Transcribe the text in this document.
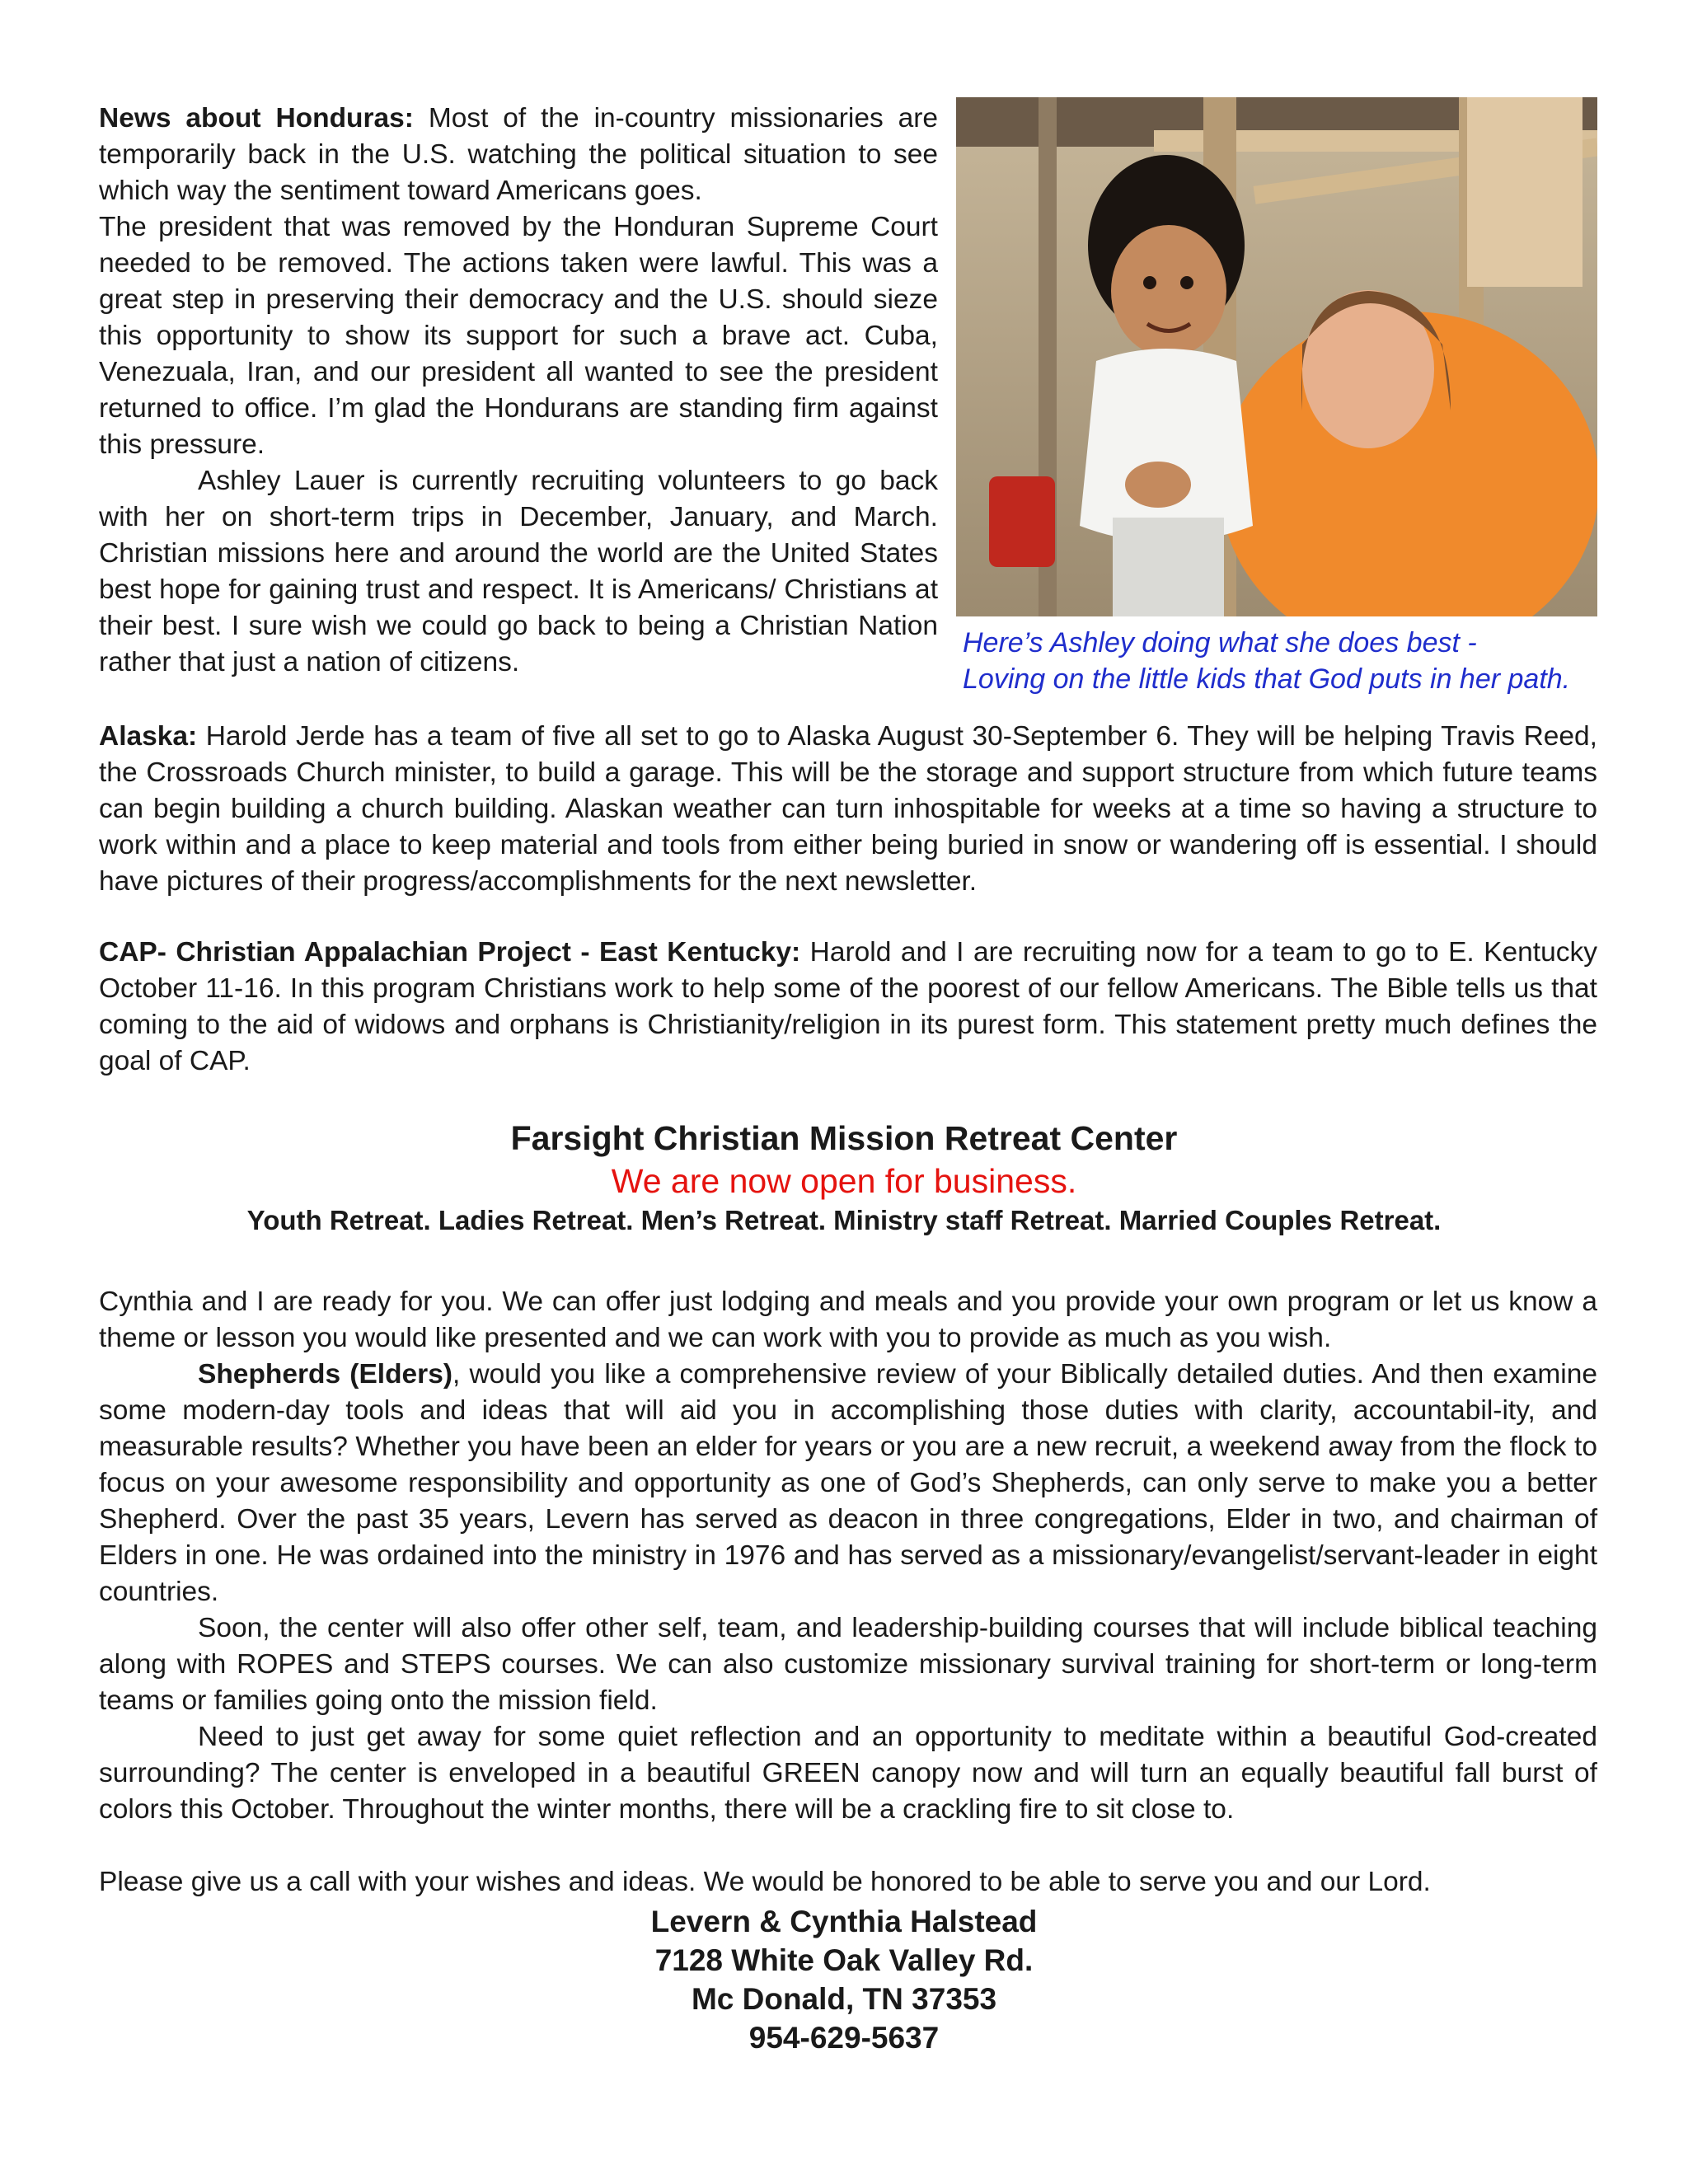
News about Honduras: Most of the in-country missionaries are temporarily back in the U.S. watching the political situation to see which way the sentiment toward Americans goes.

The president that was removed by the Honduran Supreme Court needed to be removed. The actions taken were lawful. This was a great step in preserving their democracy and the U.S. should sieze this opportunity to show its support for such a brave act. Cuba, Venezuala, Iran, and our president all wanted to see the president returned to office. I’m glad the Hondurans are standing firm against this pressure.

Ashley Lauer is currently recruiting volunteers to go back with her on short-term trips in December, January, and March. Christian missions here and around the world are the United States best hope for gaining trust and respect. It is Americans/ Christians at their best. I sure wish we could go back to being a Christian Nation rather that just a nation of citizens.

Here’s Ashley doing what she does best -
Loving on the little kids that God puts in her path.

Alaska: Harold Jerde has a team of five all set to go to Alaska August 30-September 6. They will be helping Travis Reed, the Crossroads Church minister, to build a garage. This will be the storage and support structure from which future teams can begin building a church building. Alaskan weather can turn inhospitable for weeks at a time so having a structure to work within and a place to keep material and tools from either being buried in snow or wandering off is essential. I should have pictures of their progress/accomplishments for the next newsletter.

CAP- Christian Appalachian Project - East Kentucky: Harold and I are recruiting now for a team to go to E. Kentucky October 11-16. In this program Christians work to help some of the poorest of our fellow Americans. The Bible tells us that coming to the aid of widows and orphans is Christianity/religion in its purest form. This statement pretty much defines the goal of CAP.

Farsight Christian Mission Retreat Center
We are now open for business.
Youth Retreat. Ladies Retreat. Men’s Retreat. Ministry staff Retreat. Married Couples Retreat.

Cynthia and I are ready for you. We can offer just lodging and meals and you provide your own program or let us know a theme or lesson you would like presented and we can work with you to provide as much as you wish.

Shepherds (Elders), would you like a comprehensive review of your Biblically detailed duties. And then examine some modern-day tools and ideas that will aid you in accomplishing those duties with clarity, accountabil-ity, and measurable results? Whether you have been an elder for years or you are a new recruit, a weekend away from the flock to focus on your awesome responsibility and opportunity as one of God’s Shepherds, can only serve to make you a better Shepherd. Over the past 35 years, Levern has served as deacon in three congregations, Elder in two, and chairman of Elders in one. He was ordained into the ministry in 1976 and has served as a missionary/evangelist/servant-leader in eight countries.

Soon, the center will also offer other self, team, and leadership-building courses that will include biblical teaching along with ROPES and STEPS courses. We can also customize missionary survival training for short-term or long-term teams or families going onto the mission field.

Need to just get away for some quiet reflection and an opportunity to meditate within a beautiful God-created surrounding? The center is enveloped in a beautiful GREEN canopy now and will turn an equally beautiful fall burst of colors this October. Throughout the winter months, there will be a crackling fire to sit close to.

Please give us a call with your wishes and ideas. We would be honored to be able to serve you and our Lord.

Levern & Cynthia Halstead
7128 White Oak Valley Rd.
Mc Donald, TN 37353
954-629-5637
